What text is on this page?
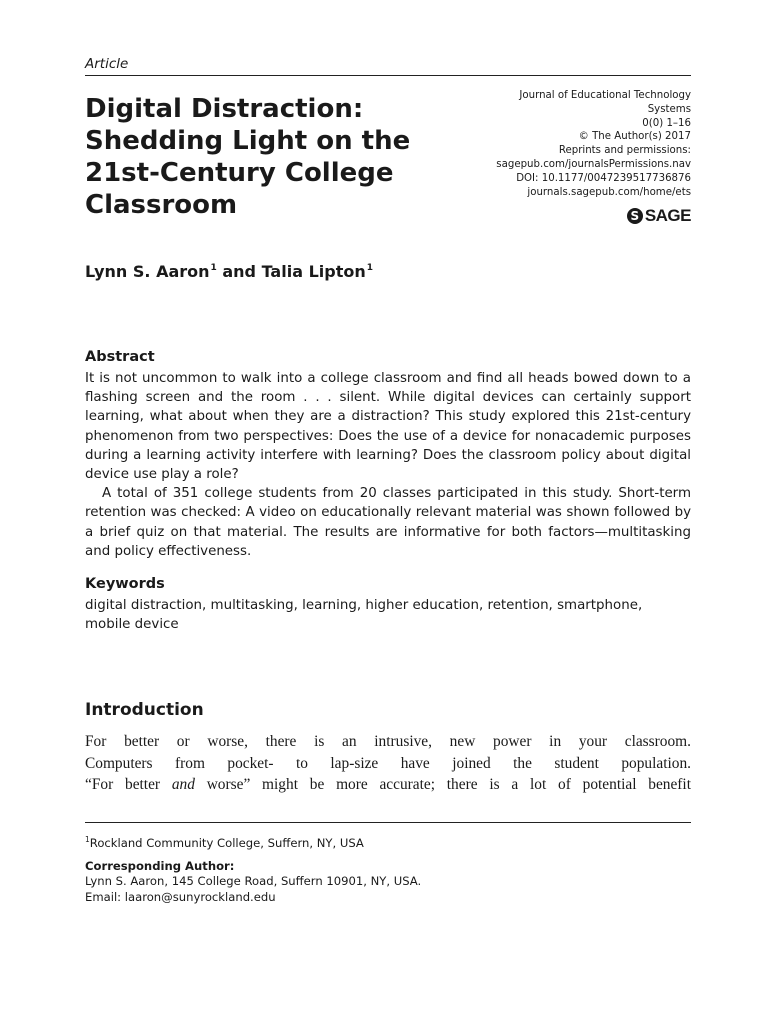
Article
Digital Distraction:
Shedding Light on the
21st-Century College
Classroom
Journal of Educational Technology
Systems
0(0) 1–16
© The Author(s) 2017
Reprints and permissions:
sagepub.com/journalsPermissions.nav
DOI: 10.1177/0047239517736876
journals.sagepub.com/home/ets
S SAGE
Lynn S. Aaron$^1$ and Talia Lipton$^1$
Abstract

It is not uncommon to walk into a college classroom and find all heads bowed down to a flashing screen and the room . . . silent. While digital devices can certainly support learning, what about when they are a distraction? This study explored this 21st-century phenomenon from two perspectives: Does the use of a device for nonacademic purposes during a learning activity interfere with learning? Does the classroom policy about digital device use play a role?

A total of 351 college students from 20 classes participated in this study. Short-term retention was checked: A video on educationally relevant material was shown followed by a brief quiz on that material. The results are informative for both factors—multitasking and policy effectiveness.

Keywords
digital distraction, multitasking, learning, higher education, retention, smartphone, mobile device
Introduction

For better or worse, there is an intrusive, new power in your classroom.

Computers from pocket- to lap-size have joined the student population.

“For better and worse” might be more accurate; there is a lot of potential benefit

$^1$Rockland Community College, Suffern, NY, USA
Corresponding Author:
Lynn S. Aaron, 145 College Road, Suffern 10901, NY, USA.
Email: laaron@sunyrockland.edu
